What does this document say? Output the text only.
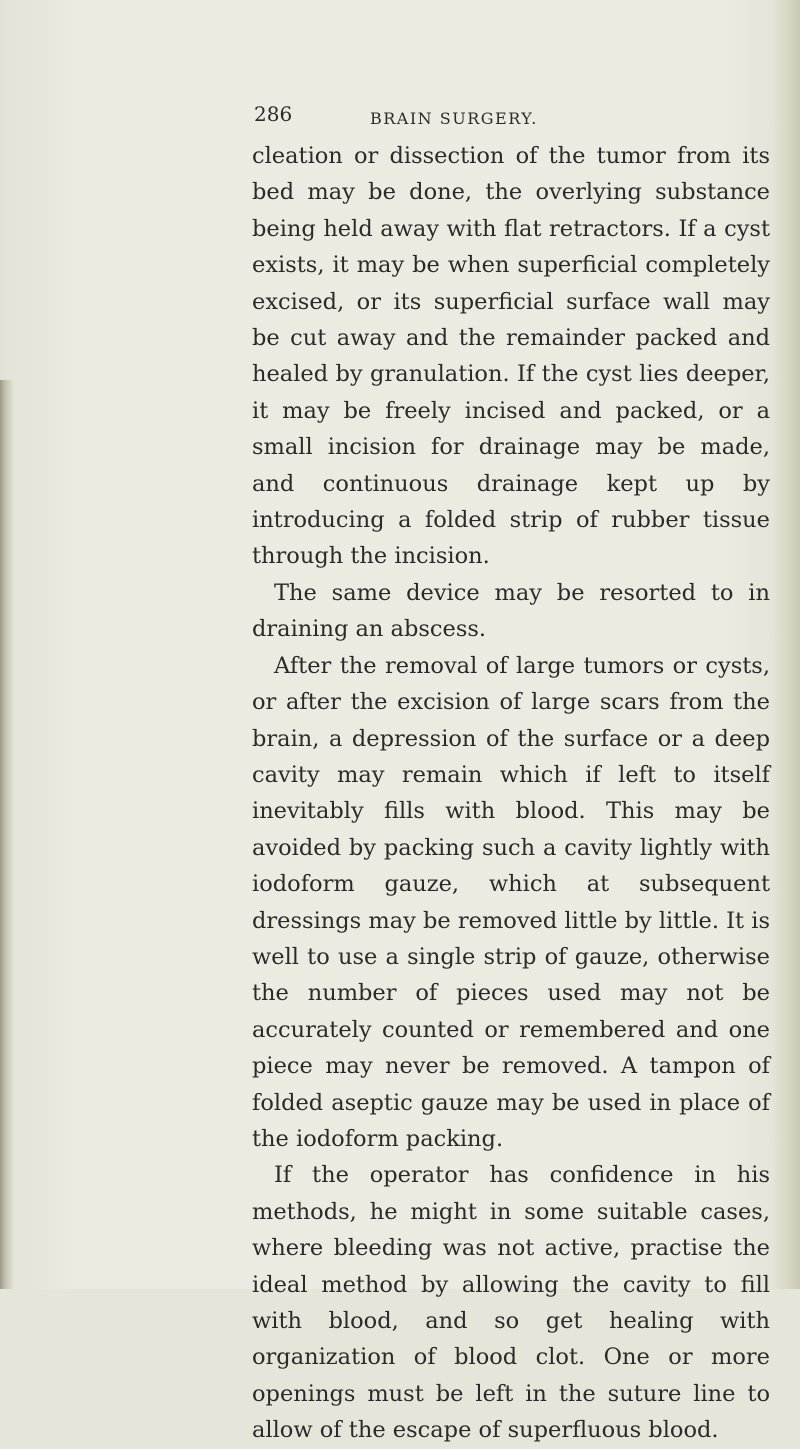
286	BRAIN SURGERY.

cleation or dissection of the tumor from its bed may be done, the overlying substance being held away with flat retractors. If a cyst exists, it may be when superficial completely excised, or its superficial surface wall may be cut away and the remainder packed and healed by granulation. If the cyst lies deeper, it may be freely incised and packed, or a small incision for drainage may be made, and continuous drainage kept up by introducing a folded strip of rubber tissue through the incision.

The same device may be resorted to in draining an abscess.

After the removal of large tumors or cysts, or after the excision of large scars from the brain, a depression of the surface or a deep cavity may remain which if left to itself inevitably fills with blood. This may be avoided by packing such a cavity lightly with iodoform gauze, which at subsequent dressings may be removed little by little. It is well to use a single strip of gauze, otherwise the number of pieces used may not be accurately counted or remembered and one piece may never be removed. A tampon of folded aseptic gauze may be used in place of the iodoform packing.

If the operator has confidence in his methods, he might in some suitable cases, where bleeding was not active, practise the ideal method by allowing the cavity to fill with blood, and so get healing with organization of blood clot. One or more openings must be left in the suture line to allow of the escape of superfluous blood.
